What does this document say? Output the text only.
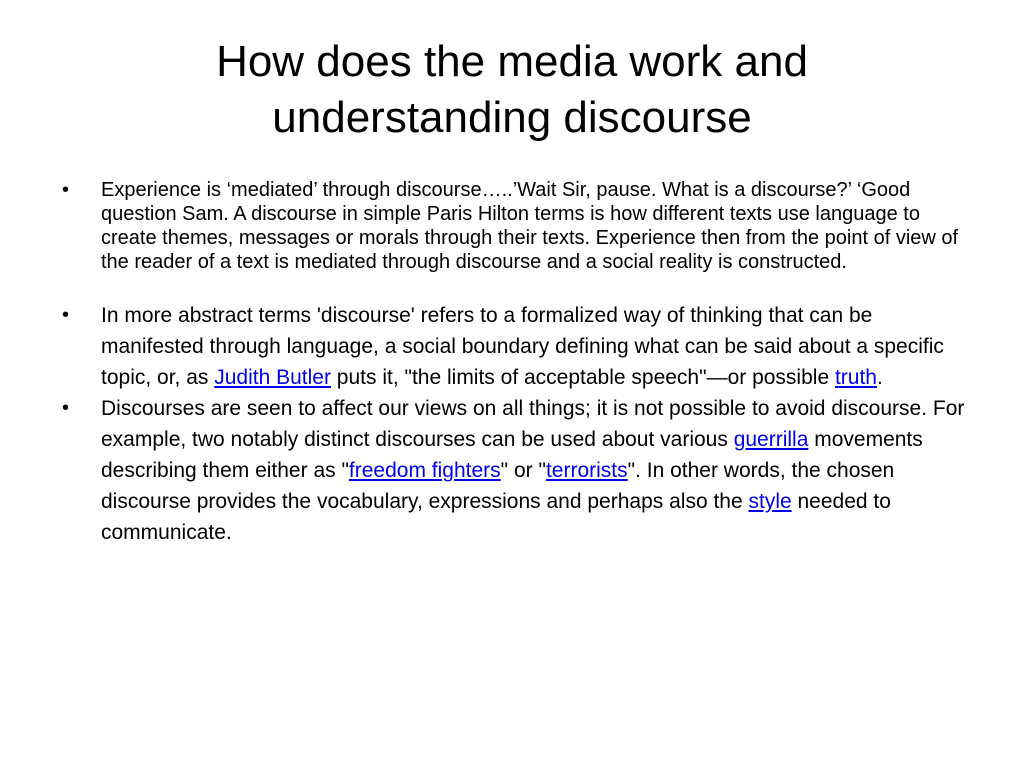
How does the media work and
understanding discourse
• Experience is ‘mediated’ through discourse…..’Wait Sir, pause. What is a discourse?’ ‘Good question Sam. A discourse in simple Paris Hilton terms is how different texts use language to create themes, messages or morals through their texts. Experience then from the point of view of the reader of a text is mediated through discourse and a social reality is constructed.
• In more abstract terms 'discourse' refers to a formalized way of thinking that can be manifested through language, a social boundary defining what can be said about a specific topic, or, as Judith Butler puts it, "the limits of acceptable speech"—or possible truth.
• Discourses are seen to affect our views on all things; it is not possible to avoid discourse. For example, two notably distinct discourses can be used about various guerrilla movements describing them either as "freedom fighters" or "terrorists". In other words, the chosen discourse provides the vocabulary, expressions and perhaps also the style needed to communicate.
